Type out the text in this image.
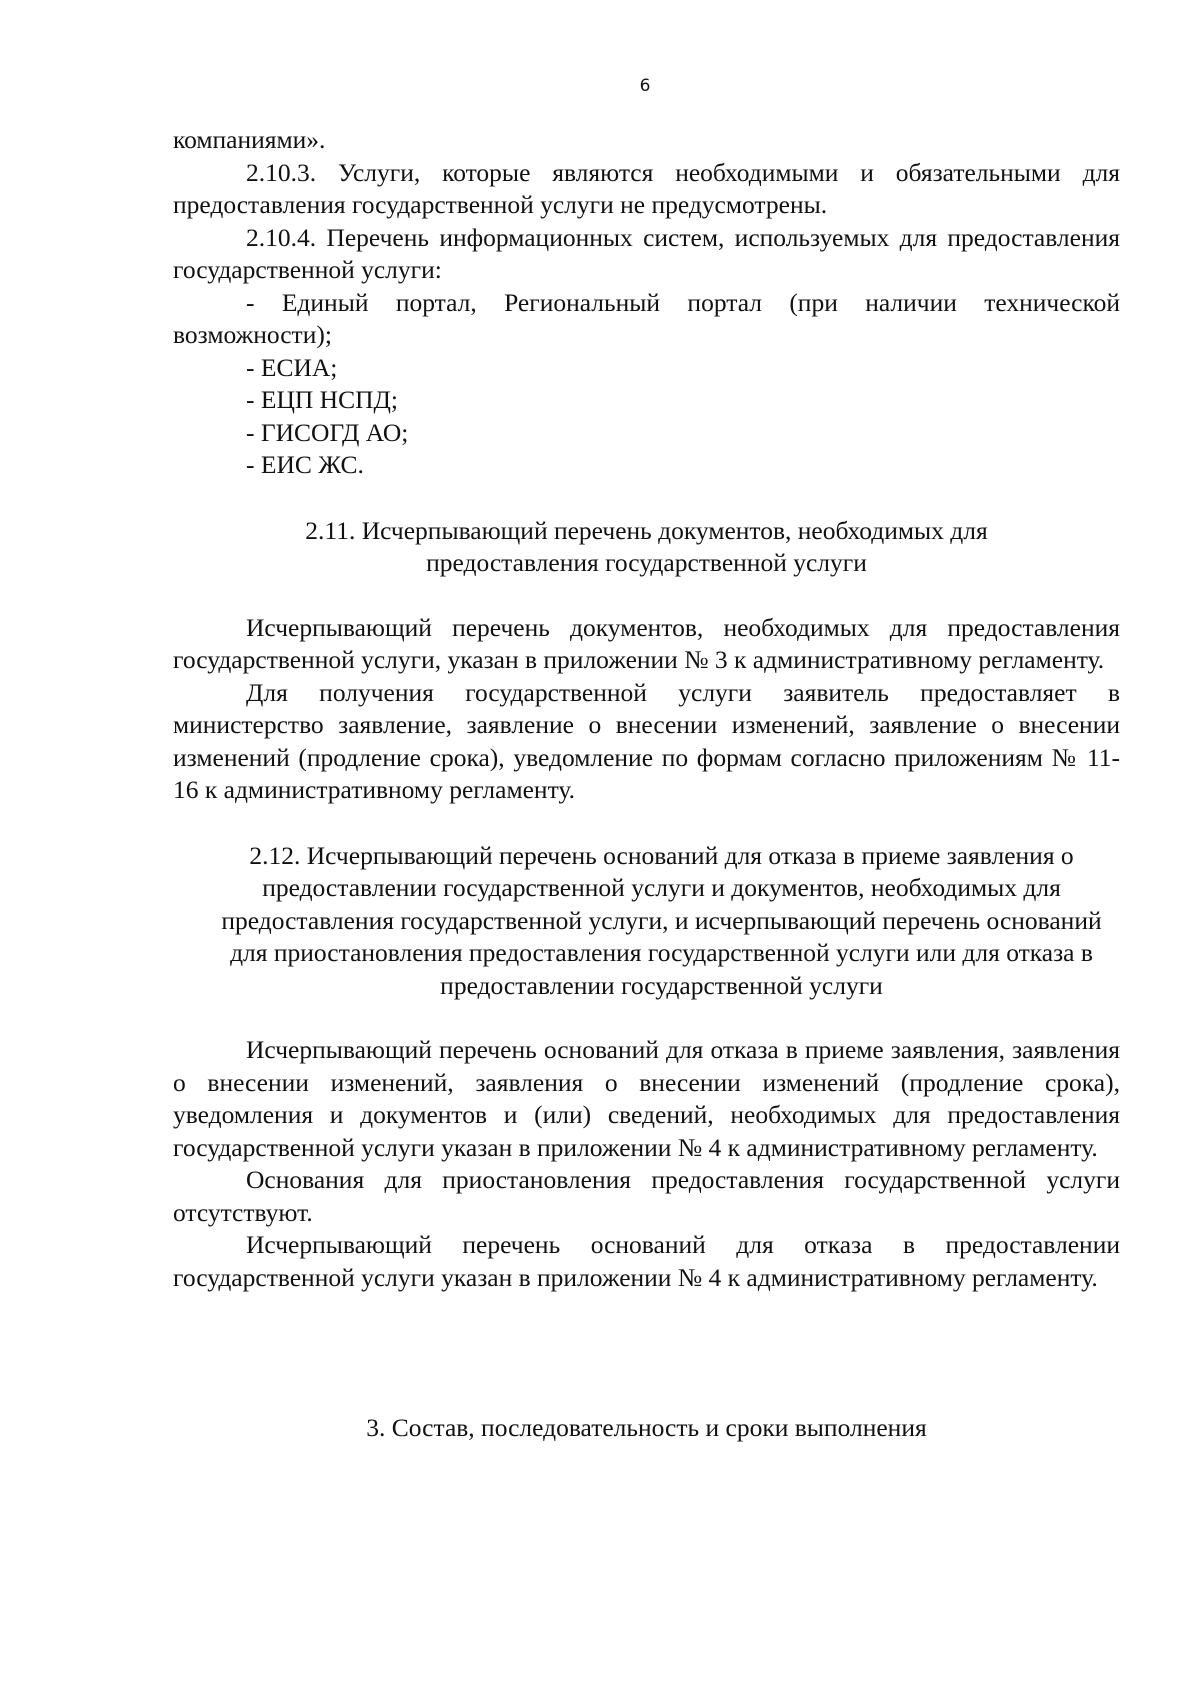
6

компаниями».

2.10.3. Услуги, которые являются необходимыми и обязательными для предоставления государственной услуги не предусмотрены.

2.10.4. Перечень информационных систем, используемых для предоставления государственной услуги:

- Единый портал, Региональный портал (при наличии технической возможности);

- ЕСИА;

- ЕЦП НСПД;

- ГИСОГД АО;

- ЕИС ЖС.

2.11. Исчерпывающий перечень документов, необходимых для предоставления государственной услуги

Исчерпывающий перечень документов, необходимых для предоставления государственной услуги, указан в приложении № 3 к административному регламенту.

Для получения государственной услуги заявитель предоставляет в министерство заявление, заявление о внесении изменений, заявление о внесении изменений (продление срока), уведомление по формам согласно приложениям № 11-16 к административному регламенту.

2.12. Исчерпывающий перечень оснований для отказа в приеме заявления о предоставлении государственной услуги и документов, необходимых для предоставления государственной услуги, и исчерпывающий перечень оснований для приостановления предоставления государственной услуги или для отказа в предоставлении государственной услуги

Исчерпывающий перечень оснований для отказа в приеме заявления, заявления о внесении изменений, заявления о внесении изменений (продление срока), уведомления и документов и (или) сведений, необходимых для предоставления государственной услуги указан в приложении № 4 к административному регламенту.

Основания для приостановления предоставления государственной услуги отсутствуют.

Исчерпывающий перечень оснований для отказа в предоставлении государственной услуги указан в приложении № 4 к административному регламенту.

3. Состав, последовательность и сроки выполнения
